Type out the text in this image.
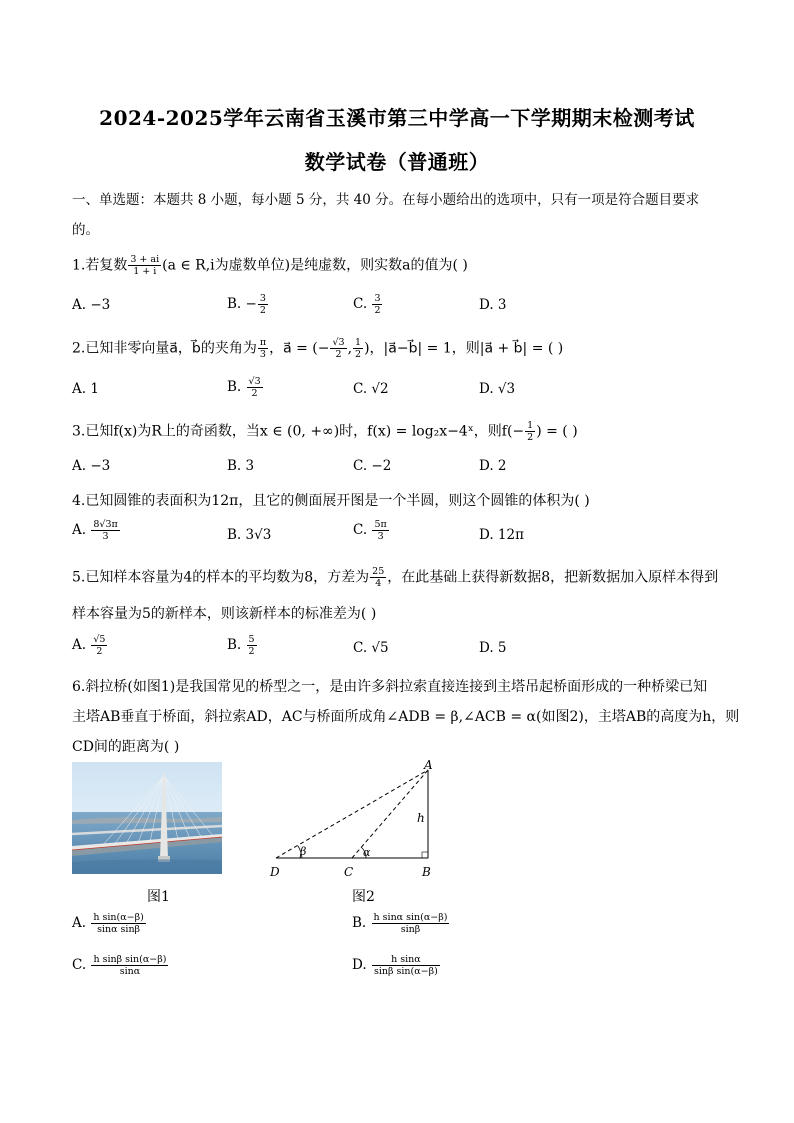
2024-2025学年云南省玉溪市第三中学高一下学期期末检测考试
数学试卷（普通班）
一、单选题：本题共 8 小题，每小题 5 分，共 40 分。在每小题给出的选项中，只有一项是符合题目要求
的。
1.若复数 $\frac{3 + ai}{1 + i} (a$ ∈ R,i为虚数单位)是纯虚数，则实数a的值为( )
A. −3	B. − $\frac{3}{2}$	C. $\frac{3}{2}$	D. 3
2.已知非零向量a⃗，b⃗的夹角为 $\frac{\pi}{3}$ ，a⃗ = (− $\frac{√3}{2}$ , $\frac{1}{2}$ )，|a⃗−b⃗| = 1，则|a⃗ + b⃗| = ( )
A. 1	B. $\frac{√3}{2}$	C. √2	D. √3
3.已知f(x)为R上的奇函数，当x ∈ (0, +∞)时，f(x) = log₂x−4ˣ，则$f(- \frac{1}{2}$ ) = ( )
A. −3	B. 3	C. −2	D. 2
4.已知圆锥的表面积为12π，且它的侧面展开图是一个半圆，则这个圆锥的体积为( )
A. $\frac{8√3\pi}{3}$	B. 3√3	C. $\frac{5\pi}{3}$	D. 12π
5.已知样本容量为4的样本的平均数为8，方差为 $\frac{25}{4}$ ，在此基础上获得新数据8，把新数据加入原样本得到
样本容量为5的新样本，则该新样本的标准差为( )
A. $\frac{√5}{2}$	B. $\frac{5}{2}$	C. √5	D. 5
6.斜拉桥(如图1)是我国常见的桥型之一，是由许多斜拉索直接连接到主塔吊起桥面形成的一种桥梁已知
主塔AB垂直于桥面，斜拉索AD，AC与桥面所成角∠ADB = β,∠ACB = α(如图2)，主塔AB的高度为h，则
CD间的距离为( )
A
B
C
D
h
α
β
图1	图2
A. $\frac{\text{h sin(α−β)}}{\text{sinα sinβ}}$	B. $\frac{\text{h sinα sin(α−β)}}{\sin\beta}$
C. $\frac{\text{h sinβ sin(α−β)}}{\sin\alpha}$	D. $\frac{\text{h sinα}}{\text{sinβ sin(α−β)}}$
